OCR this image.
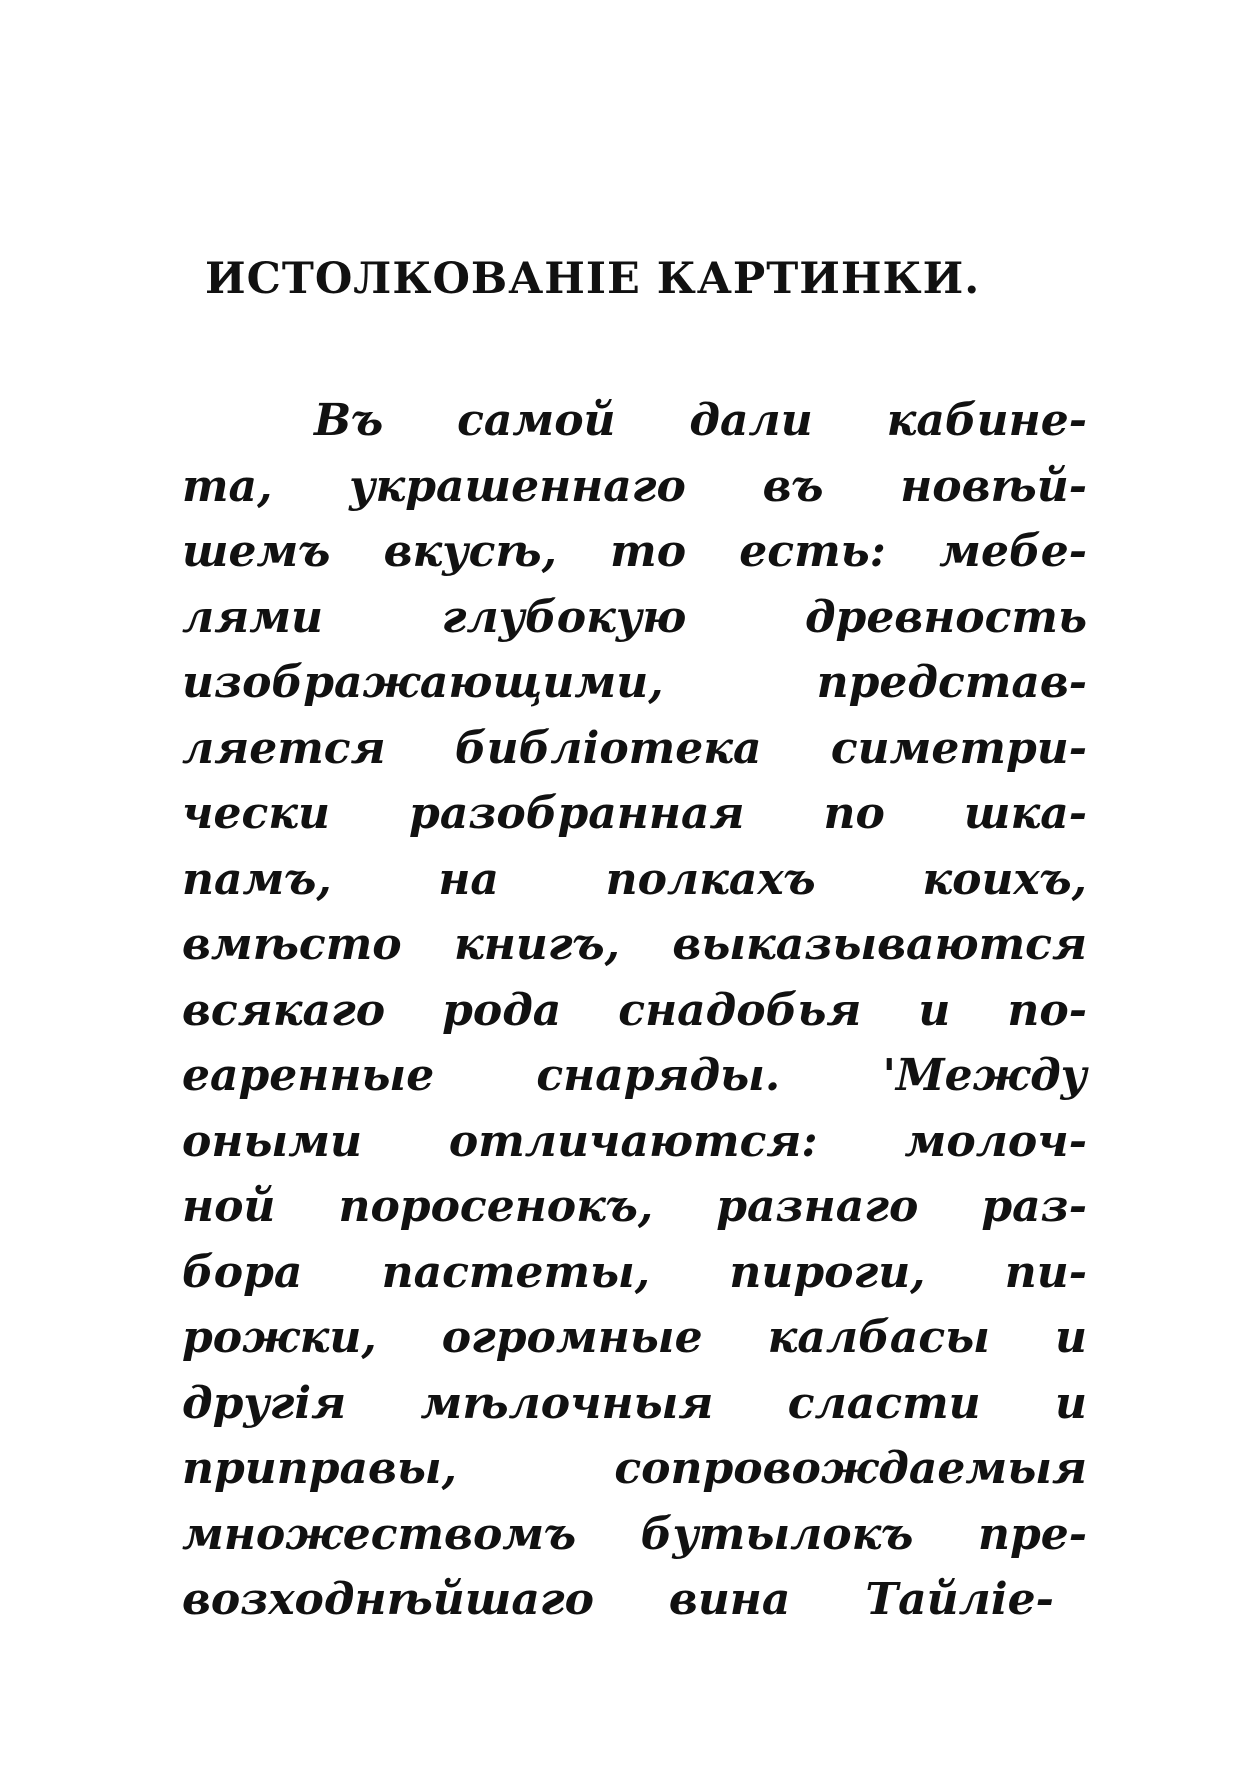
ИСТОЛКОВАНІЕ КАРТИНКИ.
Въ самой дали кабине-
та, украшеннаго въ новѣй-
шемъ вкусѣ, то есть: мебе-
лями	глубокую	древность
изображающими,	представ-
ляется библіотека симетри-
чески разобранная по шка-
памъ, на полкахъ коихъ,
вмѣсто книгъ, выказываются
всякаго рода снадобья и по-
еаренные снаряды. 'Между
оными отличаются: молоч-
ной поросенокъ, разнаго раз-
бора пастеты, пироги, пи-
рожки, огромные калбасы и
другія мѣлочныя сласти и
приправы,	сопровождаемыя
множествомъ бутылокъ пре-
возходнѣйшаго вина Тайліе-
